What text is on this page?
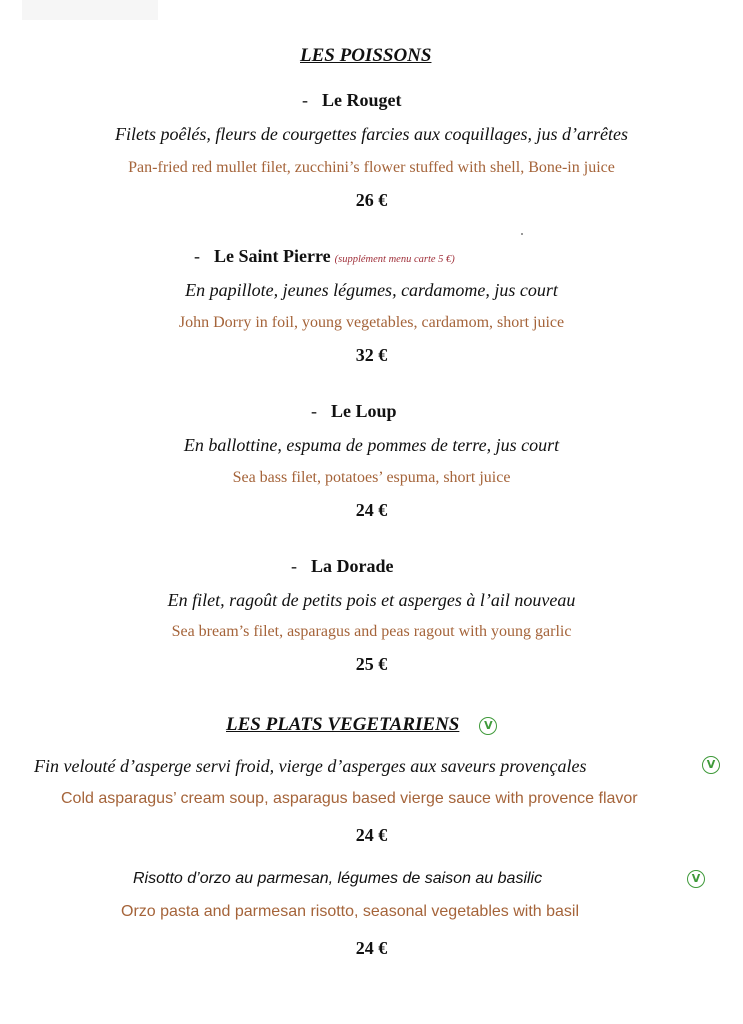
LES POISSONS
- Le Rouget
Filets poêlés, fleurs de courgettes farcies aux coquillages, jus d’arrêtes
Pan-fried red mullet filet, zucchini’s flower stuffed with shell, Bone-in juice
26 €
- Le Saint Pierre (supplément menu carte 5 €)
En papillote, jeunes légumes, cardamome, jus court
John Dorry in foil, young vegetables, cardamom, short juice
32 €
- Le Loup
En ballottine, espuma de pommes de terre, jus court
Sea bass filet, potatoes’ espuma, short juice
24 €
- La Dorade
En filet, ragoût de petits pois et asperges à l’ail nouveau
Sea bream’s filet, asparagus and peas ragout with young garlic
25 €
LES PLATS VEGETARIENS V
Fin velouté d’asperge servi froid, vierge d’asperges aux saveurs provençales	V
Cold asparagus’ cream soup, asparagus based vierge sauce with provence flavor
24 €
Risotto d’orzo au parmesan, légumes de saison au basilic	V
Orzo pasta and parmesan risotto, seasonal vegetables with basil
24 €
